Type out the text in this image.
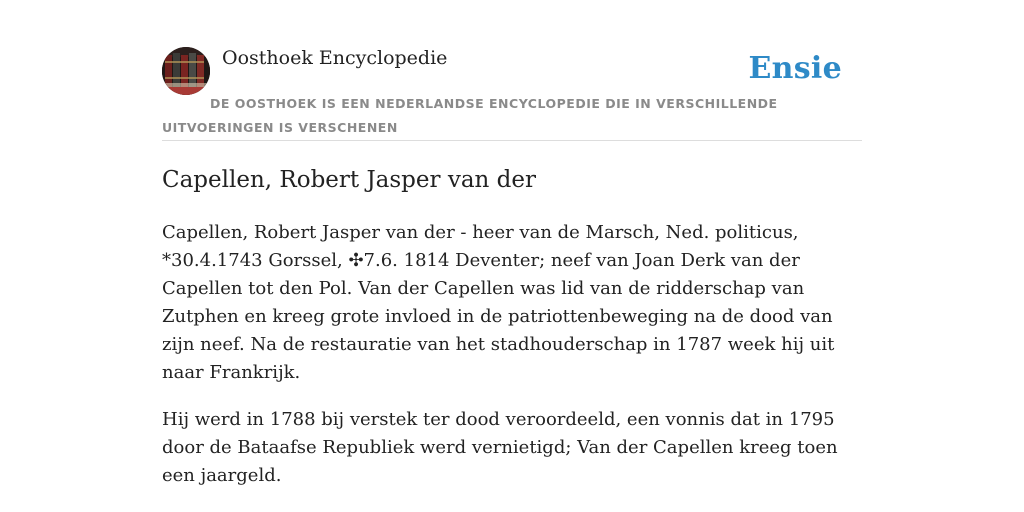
Oosthoek Encyclopedie	Ensie
DE OOSTHOEK IS EEN NEDERLANDSE ENCYCLOPEDIE DIE IN VERSCHILLENDE UITVOERINGEN IS VERSCHENEN
Capellen, Robert Jasper van der

Capellen, Robert Jasper van der - heer van de Marsch, Ned. politicus, *30.4.1743 Gorssel, ✣7.6. 1814 Deventer; neef van Joan Derk van der Capellen tot den Pol. Van der Capellen was lid van de ridderschap van Zutphen en kreeg grote invloed in de patriottenbeweging na de dood van zijn neef. Na de restauratie van het stadhouderschap in 1787 week hij uit naar Frankrijk.

Hij werd in 1788 bij verstek ter dood veroordeeld, een vonnis dat in 1795 door de Bataafse Republiek werd vernietigd; Van der Capellen kreeg toen een jaargeld.
